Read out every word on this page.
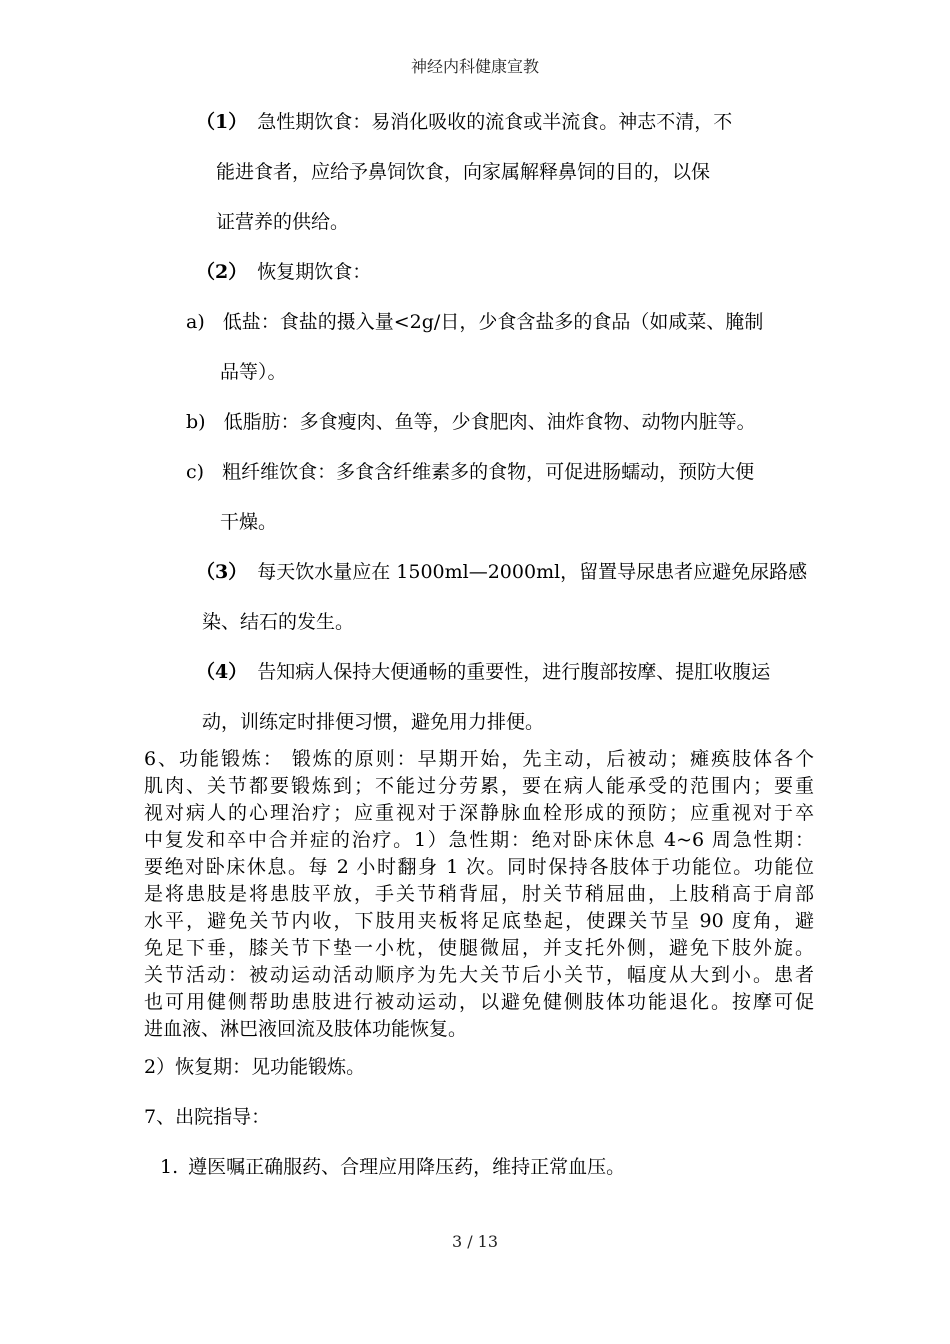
神经内科健康宣教
（1） 急性期饮食：易消化吸收的流食或半流食。神志不清，不
能进食者，应给予鼻饲饮食，向家属解释鼻饲的目的，以保
证营养的供给。
（2） 恢复期饮食：
a) 低盐：食盐的摄入量<2g/日，少食含盐多的食品（如咸菜、腌制
品等）。
b) 低脂肪：多食瘦肉、鱼等，少食肥肉、油炸食物、动物内脏等。
c) 粗纤维饮食：多食含纤维素多的食物，可促进肠蠕动，预防大便
干燥。
（3） 每天饮水量应在 1500ml—2000ml，留置导尿患者应避免尿路感
染、结石的发生。
（4） 告知病人保持大便通畅的重要性，进行腹部按摩、提肛收腹运
动，训练定时排便习惯，避免用力排便。
6、功能锻炼： 锻炼的原则：早期开始，先主动，后被动；瘫痪肢体各个
肌肉、关节都要锻炼到；不能过分劳累，要在病人能承受的范围内；要重
视对病人的心理治疗；应重视对于深静脉血栓形成的预防；应重视对于卒
中复发和卒中合并症的治疗。1）急性期：绝对卧床休息 4~6 周急性期：
要绝对卧床休息。每 2 小时翻身 1 次。同时保持各肢体于功能位。功能位
是将患肢是将患肢平放，手关节稍背屈，肘关节稍屈曲，上肢稍高于肩部
水平，避免关节内收，下肢用夹板将足底垫起，使踝关节呈 90 度角，避
免足下垂，膝关节下垫一小枕，使腿微屈，并支托外侧，避免下肢外旋。
关节活动：被动运动活动顺序为先大关节后小关节，幅度从大到小。患者
也可用健侧帮助患肢进行被动运动，以避免健侧肢体功能退化。按摩可促
进血液、淋巴液回流及肢体功能恢复。
2）恢复期：见功能锻炼。
7、出院指导：
1. 遵医嘱正确服药、合理应用降压药，维持正常血压。
3 / 13
